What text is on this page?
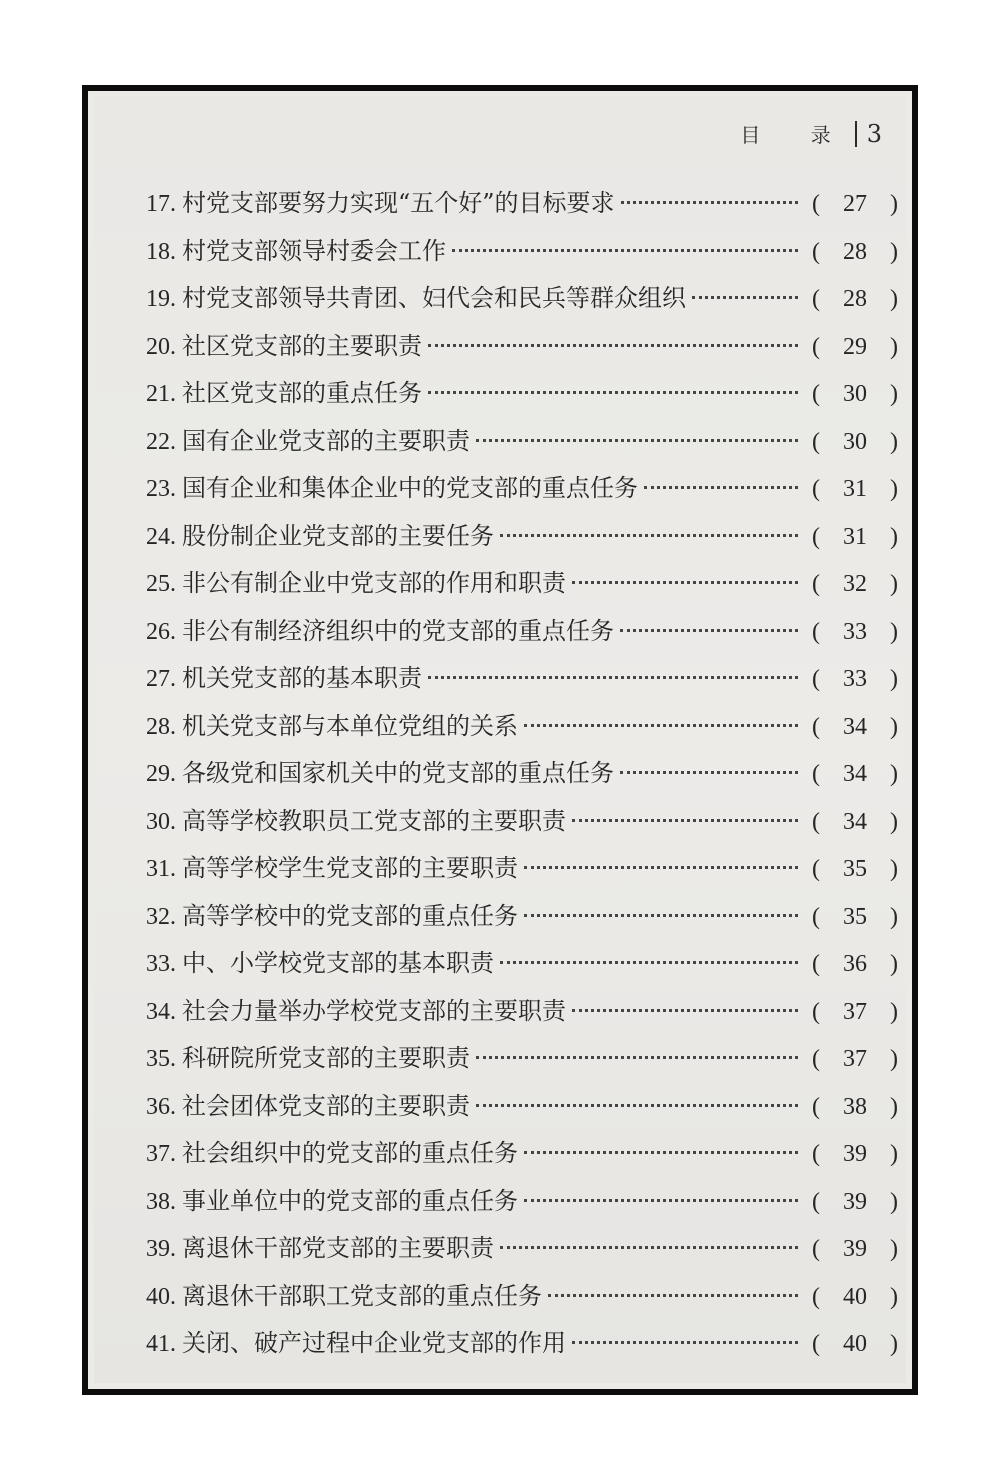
目 录 3
17. 村党支部要努力实现“五个好”的目标要求	( 27 )
18. 村党支部领导村委会工作	( 28 )
19. 村党支部领导共青团、妇代会和民兵等群众组织	( 28 )
20. 社区党支部的主要职责	( 29 )
21. 社区党支部的重点任务	( 30 )
22. 国有企业党支部的主要职责	( 30 )
23. 国有企业和集体企业中的党支部的重点任务	( 31 )
24. 股份制企业党支部的主要任务	( 31 )
25. 非公有制企业中党支部的作用和职责	( 32 )
26. 非公有制经济组织中的党支部的重点任务	( 33 )
27. 机关党支部的基本职责	( 33 )
28. 机关党支部与本单位党组的关系	( 34 )
29. 各级党和国家机关中的党支部的重点任务	( 34 )
30. 高等学校教职员工党支部的主要职责	( 34 )
31. 高等学校学生党支部的主要职责	( 35 )
32. 高等学校中的党支部的重点任务	( 35 )
33. 中、小学校党支部的基本职责	( 36 )
34. 社会力量举办学校党支部的主要职责	( 37 )
35. 科研院所党支部的主要职责	( 37 )
36. 社会团体党支部的主要职责	( 38 )
37. 社会组织中的党支部的重点任务	( 39 )
38. 事业单位中的党支部的重点任务	( 39 )
39. 离退休干部党支部的主要职责	( 39 )
40. 离退休干部职工党支部的重点任务	( 40 )
41. 关闭、破产过程中企业党支部的作用	( 40 )
